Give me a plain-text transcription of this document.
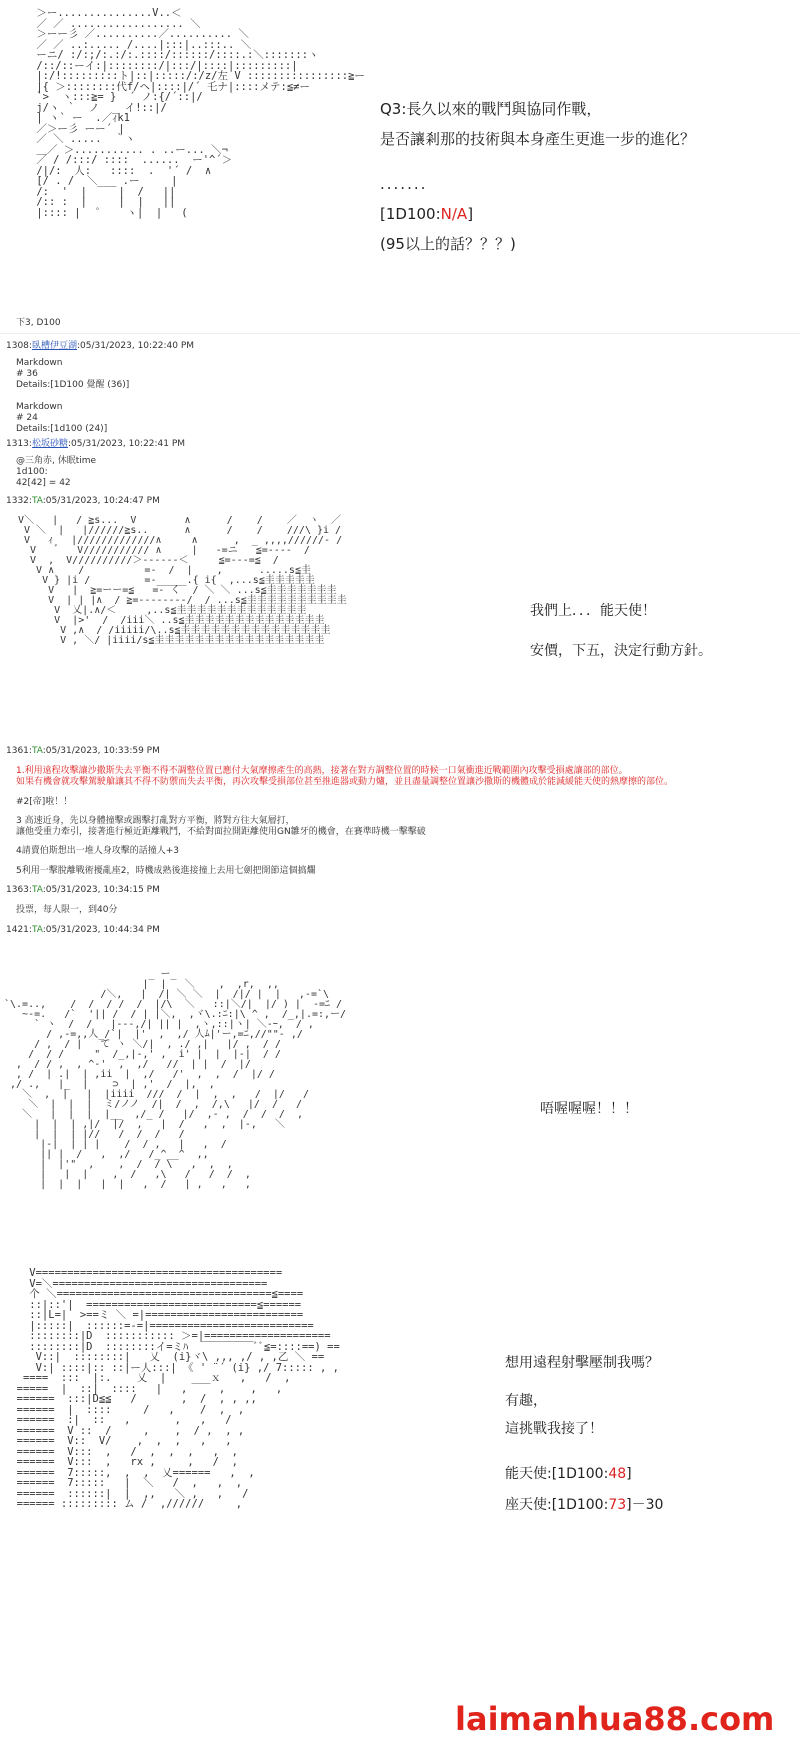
＞ー...............V..＜
／ ／ .................. ＼
＞ーー彡 ／..........／.......... ＼
／ ／ ..:..... /....|:::|..:::.. ＼
ーニ/ :/:;/:.:/:.::::/::::::/::::.:＼:::::::ヽ
/::/::ーイ:|::::::::/|:::/|::::|:::::::::|
|:/!:::::::::ト|::|:::::/:/z/左 V ::::::::::::::::≧ー
|{ ＞::::::::代f/ヘ|::::|/´ 乇ナ|::::メテ:≦≠ー
`>  ヽ:::≧= }  ´ ノ:{/´::|/
j/ヽ ｀  ノ  _ イ!::|/
| ヽ` ー  .／ｨk1
／＞ー彡 ーー´ |
／ ＼ .....  ｀ヽ
＿／ ＞........... . ..ー... ＼¬
／ / /:::/ ::::  ......  ー'^´＞
/|/:  人:   ::::  .  '´ /  ∧
[/ . /  ＼___ .ー     |
/:  '  |     |  /   ||
/:: :  |     |  |   ||
|:::: |   ﾟ    ヽ|  |   (
Q3:長久以來的戰鬥與協同作戰，
是否讓剎那的技術與本身產生更進一步的進化？
.......
[1D100:N/A]
(95以上的話？？？)
下3, D100
1308:臥槽伊豆湖:05/31/2023, 10:22:40 PM
Markdown
# 36
Details:[1D100 覺醒 (36)]

Markdown
# 24
Details:[1d100 (24)]
1313:松坂砂糖:05/31/2023, 10:22:41 PM
@三角赤, 休眠time
1d100:
42[42] = 42
1332:TA:05/31/2023, 10:24:47 PM
V＼   |   / ≧s...  V        ∧      /    /    ／  ヽ  ／
V ＼  |   |//////≧s..      ∧      /    /    ///\ }i /
V   ｨ   |/////////////∧     ∧      ,  _ ,,,,//////- /
V   ﾞ   V/////////// ∧     |   -=ニ   ≦=----  /
V  ,  V//////////＞------＜     ≦=---=≦  /
V ∧    /          =-  /  |    ,      .....s≦圭
V } |i /         =-_____.{ i{  ,...s≦圭圭圭圭圭
V   |  ≧=ーー=≦   =- く  / ＼ ＼ ...s≦圭圭圭圭圭圭圭
V  | | |∧  / ≧=--------/  / ...s≦圭圭圭圭圭圭圭圭圭圭
V  乂|.∧/＜     ,..s≦圭圭圭圭圭圭圭圭圭圭圭圭圭
V  |>'  /  /iii＼ ..s≦圭圭圭圭圭圭圭圭圭圭圭圭圭圭
V ,∧  / /iiiii/\..s≦圭圭圭圭圭圭圭圭圭圭圭圭圭圭圭
V , ＼/ |iiii/s≦圭圭圭圭圭圭圭圭圭圭圭圭圭圭圭圭圭
我們上．．．能天使！
安價，下五，決定行動方針。
1361:TA:05/31/2023, 10:33:59 PM
1.利用遠程攻擊讓沙撒斯失去平衡不得不調整位置已應付大氣摩擦產生的高熱，接著在對方調整位置的時候一口氣衝進近戰範圍內攻擊受損處讓部的部位。
如果有機會就攻擊駕駛艙讓其不得不防禦而失去平衡，再次攻擊受損部位甚至推進器或動力爐，並且盡量調整位置讓沙撒斯的機體成於能減緩能天使的熱摩擦的部位。
#2[帝]啦！！
3 高速近身，先以身體撞擊或踢擊打亂對方平衡，將對方往大氣層打，
讓他受重力牽引，接著進行極近距離戰鬥，不給對面拉開距離使用GN雛牙的機會，在賽準時機一擊擊破
4請賣伯斯想出一堆人身攻擊的話撞人+3
5利用一擊脫離戰術擾亂座2，時機成熟後進接撞上去用七劍把開節這個搞爛
1363:TA:05/31/2023, 10:34:15 PM
投票，每人限一，到40分
1421:TA:05/31/2023, 10:44:34 PM
_ ー_
|  |   ＼    ,  ,r,  ,,
/＼,   |  /| ＼ ＼  |  /|/ |  |   ,-=`\
`\.=..,    /  /  / /  /  |/\  ＼   ::|＼/|  |/ ) |  -=ﾆ /
~-=.   /`  '|| /  / | |＼,  ,ヾ\.:ﾆ:|\ ^ ,  /_,|.=:,ー/
` ヽ  /  /   |---,/| || |  ,ヽ,::|ヽ| ＼-ｰ,  / ,
/ ,-=,,人_/`|  |'  ,  ,/ 人ﾑ|'ー,=ﾆ,//""- ,/
/ ,  / |   て ヽ ＼/|  , ./ ,|   |/ ,  / /
/  / /     "  /_,|-,' ,  i' |  |  |-|  / /
,  / / ,  , ^-'  ,  ,/   //  | |  /  |/
, /  | .|  | ,ii  |  ,/   /'  ,  ,  /  |/ /
,/ .,   |_  |    ⊃  | ,'  /  |,  ,
＼  ,  |   |  |iiii  ///  /  |  ,  ,   /  |/   /
＼  |  |  |  ミ/ノノ  /|  /  ,  /,\   |/  /   /
＼   |  |  |  |__  ,/_ /   |/  ,- ,  /  /  /  ,
|  |  | ,|/  |/  ,   |  /   ,  ,  |-,   ＼
|  |  | |//   /  /  /   /
|-|  | | |    /  / ,   |   ,  /
|| |  /   ,  ,/   /_^__^  ,,
|  |'"  ,    ,  /  / \   ,  ,  ,
|   |  |    ,  /   ,\   /   /  /  ,
|  |  |   |  |   ,  /   | ,   ,   ,
唔喔喔喔！！！
V=======================================
V=＼==================================
个 ＼==================================≦====
::|::'|  ===========================≦======
::|L=|  >==ミ ＼ =|=========================
|:::::|  ::::::=-=|==========================
::::::::|D  ::::::::::: ＞=|====================
::::::::|D  ::::::::イ=ミﾊ  ￣￣￣￣￣ﾞﾞ≦=::::==) ==
V::|  ::::::::|   乂  (i}ヾ\ ,,, ,/ , ,乙 ＼ ==
V:| ::::|:: ::|ー人:::| 《 ' ¨´ (i} ,/ 7::::: , ,
====  :::  |:.    乂  |    ___ｘ   ,   /  ,
=====  |  ::|  ::::   |   ,     ,    ,   ,
======  :::|D≦≦   /       ,  /  , , ,,
======  |  ::::     /   ,    /  ,  ,
======  :|  ::   ,       ,   ,   /
======  V ::  /     ,    ,  / ,  , ,
======  V::  V/    ,  ,  ,   ,   ,
======  V:::  ,   /  ,  ,  ,   ,  ,
======  V:::  ,   rx ,     ,   /  ,
======  7:::::,  ,  ,  乂======   ,  ,
======  7:::::   |  ＼   /  ,   ,  ,
======  ::::::|  |  ,,   ＼ ,   ,   /
====== ::::::::: ム /  ,//////     ,
想用遠程射擊壓制我嗎？
有趣，
這挑戰我接了！
能天使:[1D100:48]
座天使:[1D100:73]－30
laimanhua88.com
